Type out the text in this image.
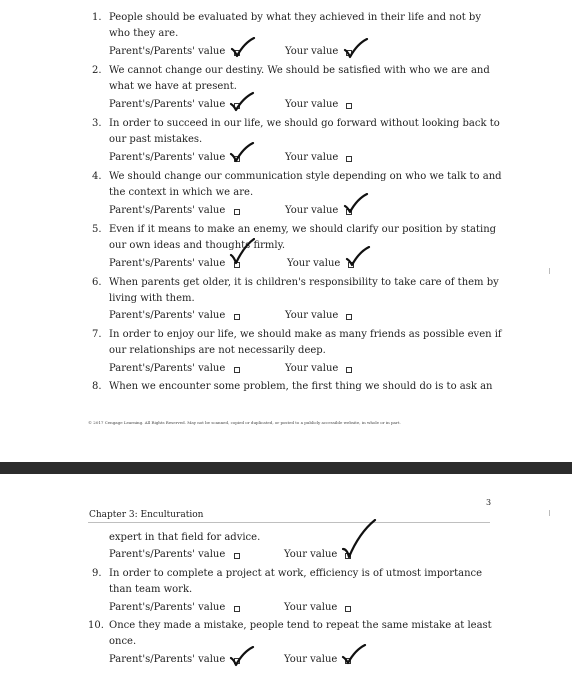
1. People should be evaluated by what they achieved in their life and not by
who they are.
Parent's/Parents' value	Your value
2. We cannot change our destiny. We should be satisfied with who we are and
what we have at present.
Parent's/Parents' value	Your value
3. In order to succeed in our life, we should go forward without looking back to
our past mistakes.
Parent's/Parents' value	Your value
4. We should change our communication style depending on who we talk to and
the context in which we are.
Parent's/Parents' value	Your value
5. Even if it means to make an enemy, we should clarify our position by stating
our own ideas and thoughts firmly.
Parent's/Parents' value	Your value
6. When parents get older, it is children's responsibility to take care of them by
living with them.
Parent's/Parents' value	Your value
7. In order to enjoy our life, we should make as many friends as possible even if
our relationships are not necessarily deep.
Parent's/Parents' value	Your value
8. When we encounter some problem, the first thing we should do is to ask an
© 2017 Cengage Learning. All Rights Reserved. May not be scanned, copied or duplicated, or posted to a publicly accessible website, in whole or in part.
3
Chapter 3: Enculturation
expert in that field for advice.
Parent's/Parents' value	Your value
9. In order to complete a project at work, efficiency is of utmost importance
than team work.
Parent's/Parents' value	Your value
10. Once they made a mistake, people tend to repeat the same mistake at least
once.
Parent's/Parents' value	Your value
